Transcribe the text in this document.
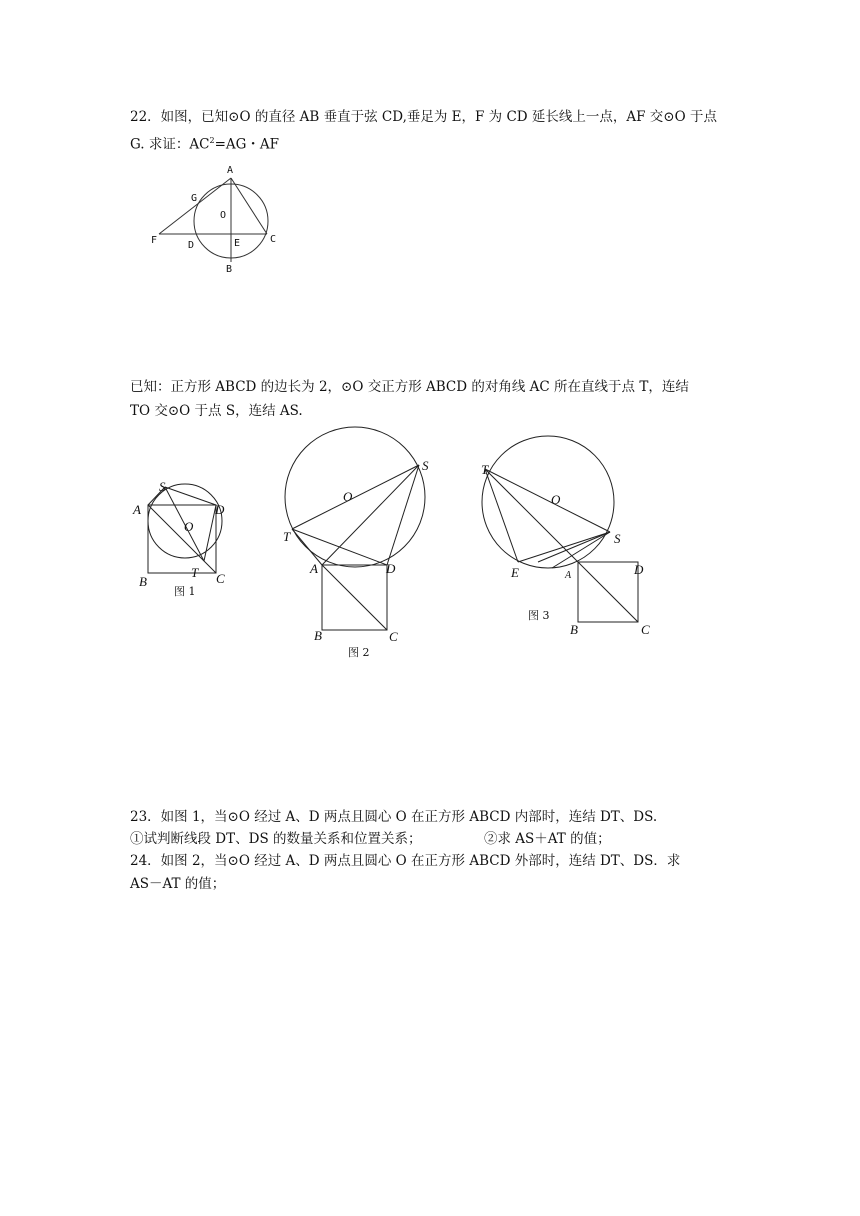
22．如图，已知⊙O 的直径 AB 垂直于弦 CD,垂足为 E，F 为 CD 延长线上一点，AF 交⊙O 于点
G. 求证：$AC^2=AG$・AF
A
G
O
F	D	E	C
B
已知：正方形 ABCD 的边长为 2，⊙O 交正方形 ABCD 的对角线 AC 所在直线于点 T，连结
TO 交⊙O 于点 S，连结 AS.
A
S
D
O
B
T C
图 1
S
O
T
A	D
B	C
图 2
T
O
S
E	A	D
B	C
图 3
23．如图 1，当⊙O 经过 A、D 两点且圆心 O 在正方形 ABCD 内部时，连结 DT、DS.
①试判断线段 DT、DS 的数量关系和位置关系；	②求 AS＋AT 的值；
24．如图 2，当⊙O 经过 A、D 两点且圆心 O 在正方形 ABCD 外部时，连结 DT、DS．求
AS－AT 的值；
